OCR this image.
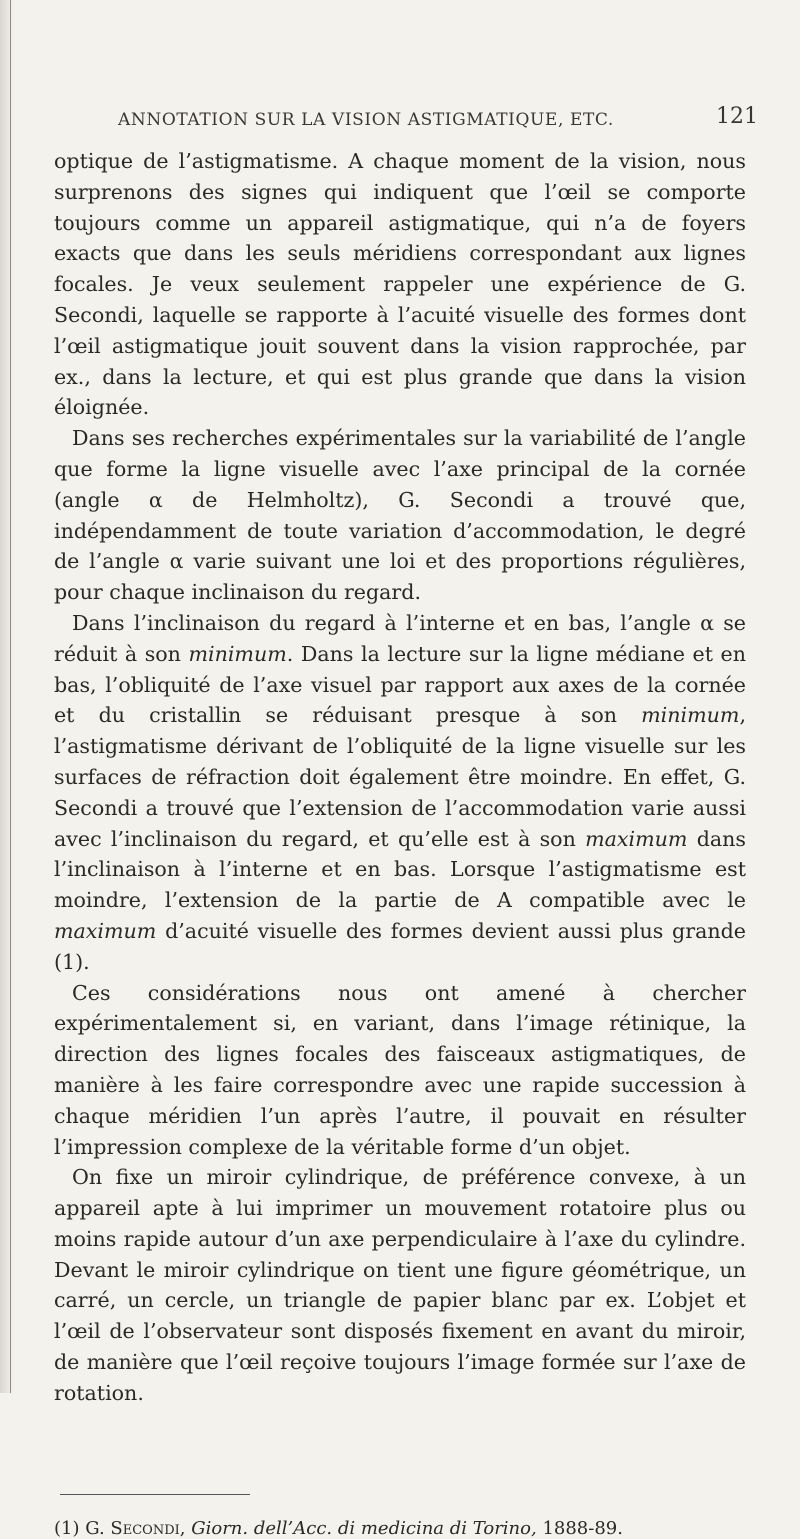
ANNOTATION SUR LA VISION ASTIGMATIQUE, ETC.	121

optique de l’astigmatisme. A chaque moment de la vision, nous surprenons des signes qui indiquent que l’œil se comporte toujours comme un appareil astigmatique, qui n’a de foyers exacts que dans les seuls méridiens correspondant aux lignes focales. Je veux seulement rappeler une expérience de G. Secondi, laquelle se rapporte à l’acuité visuelle des formes dont l’œil astigmatique jouit souvent dans la vision rapprochée, par ex., dans la lecture, et qui est plus grande que dans la vision éloignée.

Dans ses recherches expérimentales sur la variabilité de l’angle que forme la ligne visuelle avec l’axe principal de la cornée (angle α de Helmholtz), G. Secondi a trouvé que, indépendamment de toute variation d’accommodation, le degré de l’angle α varie suivant une loi et des proportions régulières, pour chaque inclinaison du regard.

Dans l’inclinaison du regard à l’interne et en bas, l’angle α se réduit à son minimum. Dans la lecture sur la ligne médiane et en bas, l’obliquité de l’axe visuel par rapport aux axes de la cornée et du cristallin se réduisant presque à son minimum, l’astigmatisme dérivant de l’obliquité de la ligne visuelle sur les surfaces de réfraction doit également être moindre. En effet, G. Secondi a trouvé que l’extension de l’accommodation varie aussi avec l’inclinaison du regard, et qu’elle est à son maximum dans l’inclinaison à l’interne et en bas. Lorsque l’astigmatisme est moindre, l’extension de la partie de A compatible avec le maximum d’acuité visuelle des formes devient aussi plus grande (1).

Ces considérations nous ont amené à chercher expérimentalement si, en variant, dans l’image rétinique, la direction des lignes focales des faisceaux astigmatiques, de manière à les faire correspondre avec une rapide succession à chaque méridien l’un après l’autre, il pouvait en résulter l’impression complexe de la véritable forme d’un objet.

On fixe un miroir cylindrique, de préférence convexe, à un appareil apte à lui imprimer un mouvement rotatoire plus ou moins rapide autour d’un axe perpendiculaire à l’axe du cylindre. Devant le miroir cylindrique on tient une figure géométrique, un carré, un cercle, un triangle de papier blanc par ex. L’objet et l’œil de l’observateur sont disposés fixement en avant du miroir, de manière que l’œil reçoive toujours l’image formée sur l’axe de rotation.

(1) G. Secondi, Giorn. dell’Acc. di medicina di Torino, 1888-89.
